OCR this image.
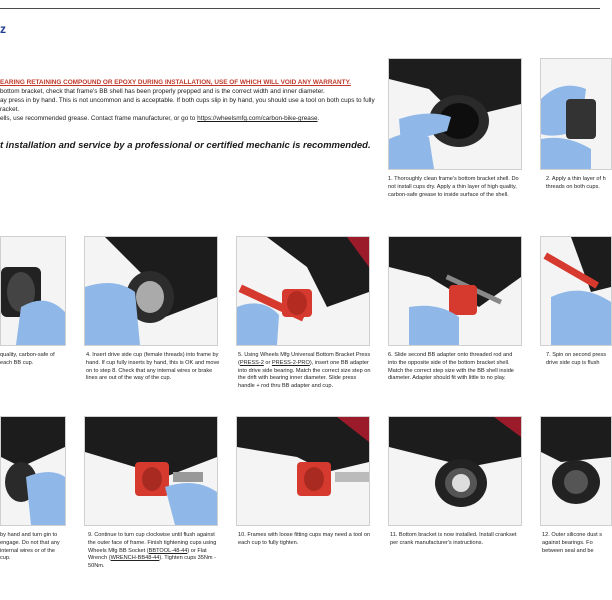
z
EARING RETAINING COMPOUND OR EPOXY DURING INSTALLATION, USE OF WHICH WILL VOID ANY WARRANTY.
bottom bracket, check that frame's BB shell has been properly prepped and is the correct width and inner diameter.
ay press in by hand. This is not uncommon and is acceptable. If both cups slip in by hand, you should use a tool on both cups to fully
racket.
ells, use recommended grease. Contact frame manufacturer, or go to https://wheelsmfg.com/carbon-bike-grease.
t installation and service by a professional or certified mechanic is recommended.
1. Thoroughly clean frame's bottom bracket shell. Do not install cups dry. Apply a thin layer of high quality, carbon-safe grease to inside surface of the shell.
2. Apply a thin layer of h threads on both cups.
quality, carbon-safe of each BB cup.
4. Insert drive side cup (female threads) into frame by hand. If cup fully inserts by hand, this is OK and move on to step 8. Check that any internal wires or brake lines are out of the way of the cup.
5. Using Wheels Mfg Universal Bottom Bracket Press (PRESS-2 or PRESS-2-PRO), insert one BB adapter into drive side bearing. Match the correct size step on the drift with bearing inner diameter. Slide press handle + rod thru BB adapter and cup.
6. Slide second BB adapter onto threaded rod and into the opposite side of the bottom bracket shell. Match the correct step size with the BB shell inside diameter. Adapter should fit with little to no play.
7. Spin on second press drive side cup is flush
by hand and turn gin to engage. Do not that any internal wires or of the cup.
9. Continue to turn cup clockwise until flush against the outer face of frame. Finish tightening cups using Wheels Mfg BB Socket (BBTOOL-48-44) or Flat Wrench (WRENCH-BB48-44). Tighten cups 35Nm - 50Nm.
10. Frames with loose fitting cups may need a tool on each cup to fully tighten.
11. Bottom bracket is now installed. Install crankset per crank manufacturer's instructions.
12. Outer silicone dust s against bearings. Fo between seal and be
